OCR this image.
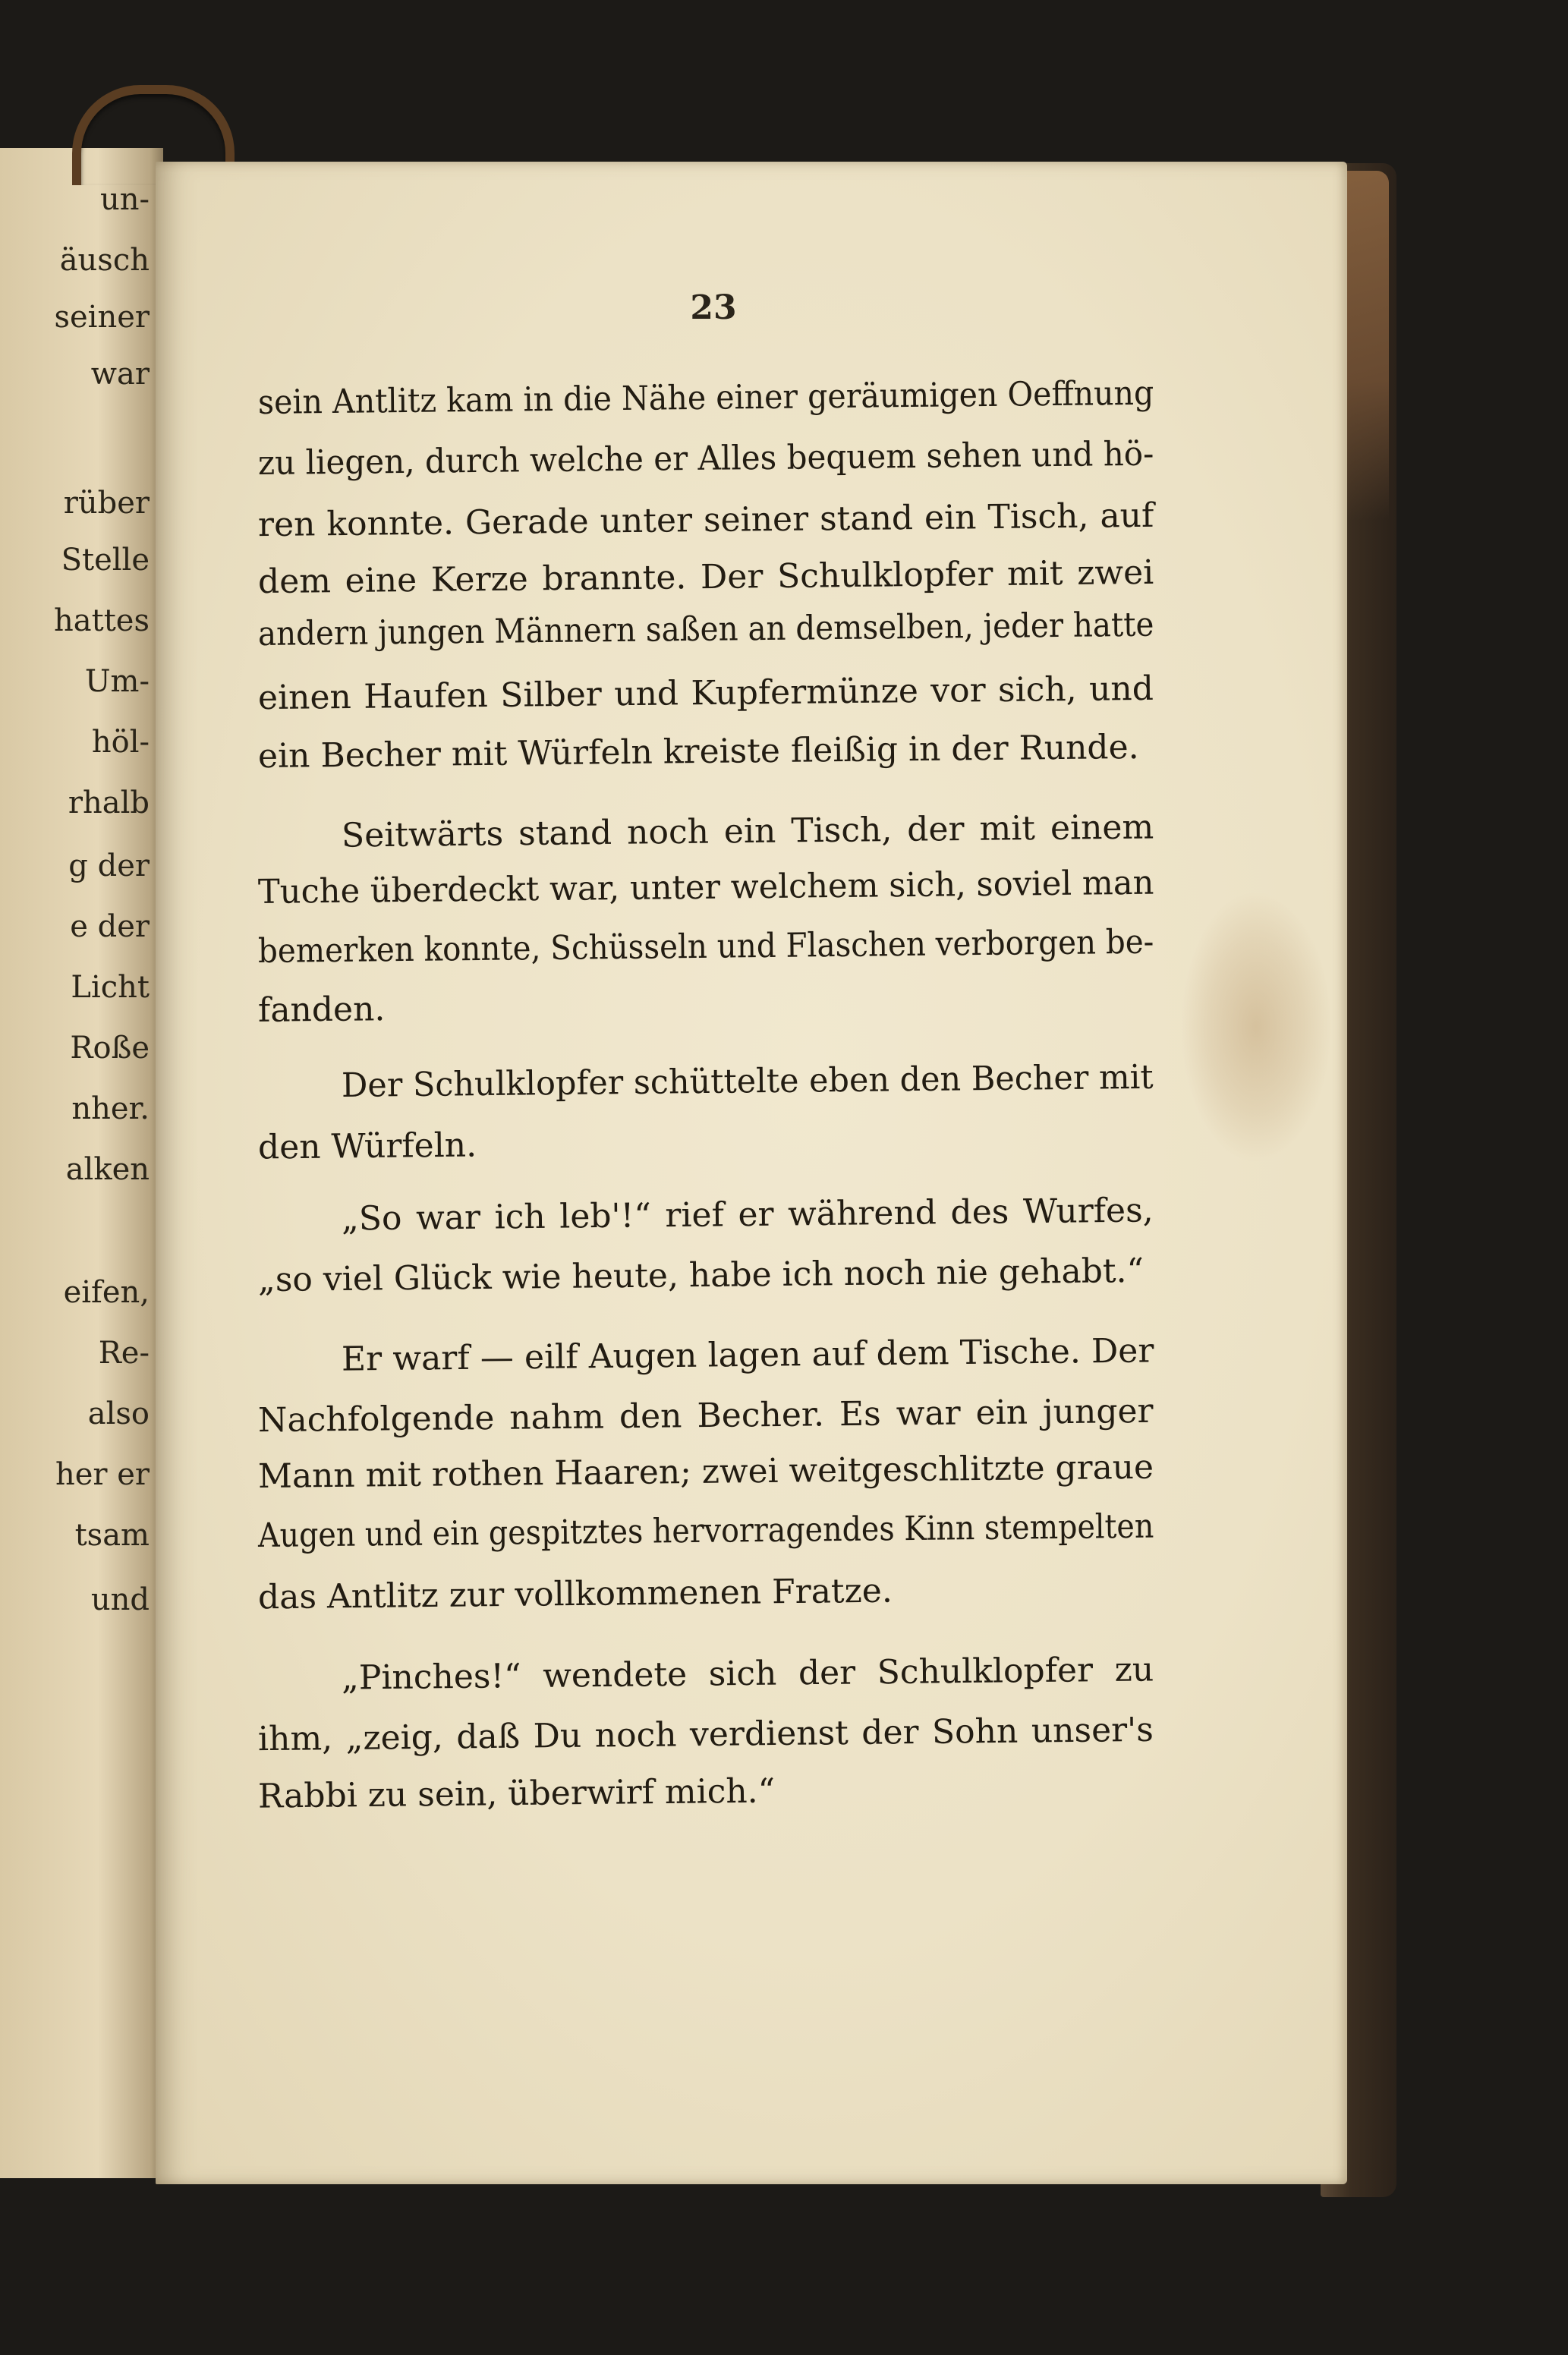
un-
äusch
seiner
war
rüber
Stelle
hattes
Um-
höl-
rhalb
g der
e der
Licht
Roße
nher.
alken
eifen,
Re-
also
her er
tsam
und
23
sein Antlitz kam in die Nähe einer geräumigen Oeffnung
zu liegen, durch welche er Alles bequem sehen und hö-
ren konnte. Gerade unter seiner stand ein Tisch, auf
dem eine Kerze brannte. Der Schulklopfer mit zwei
andern jungen Männern saßen an demselben, jeder hatte
einen Haufen Silber und Kupfermünze vor sich, und
ein Becher mit Würfeln kreiste fleißig in der Runde.
Seitwärts stand noch ein Tisch, der mit einem
Tuche überdeckt war, unter welchem sich, soviel man
bemerken konnte, Schüsseln und Flaschen verborgen be-
fanden.
Der Schulklopfer schüttelte eben den Becher mit
den Würfeln.
„So war ich leb'!“ rief er während des Wurfes,
„so viel Glück wie heute, habe ich noch nie gehabt.“
Er warf — eilf Augen lagen auf dem Tische. Der
Nachfolgende nahm den Becher. Es war ein junger
Mann mit rothen Haaren; zwei weitgeschlitzte graue
Augen und ein gespitztes hervorragendes Kinn stempelten
das Antlitz zur vollkommenen Fratze.
„Pinches!“ wendete sich der Schulklopfer zu
ihm, „zeig, daß Du noch verdienst der Sohn unser's
Rabbi zu sein, überwirf mich.“
